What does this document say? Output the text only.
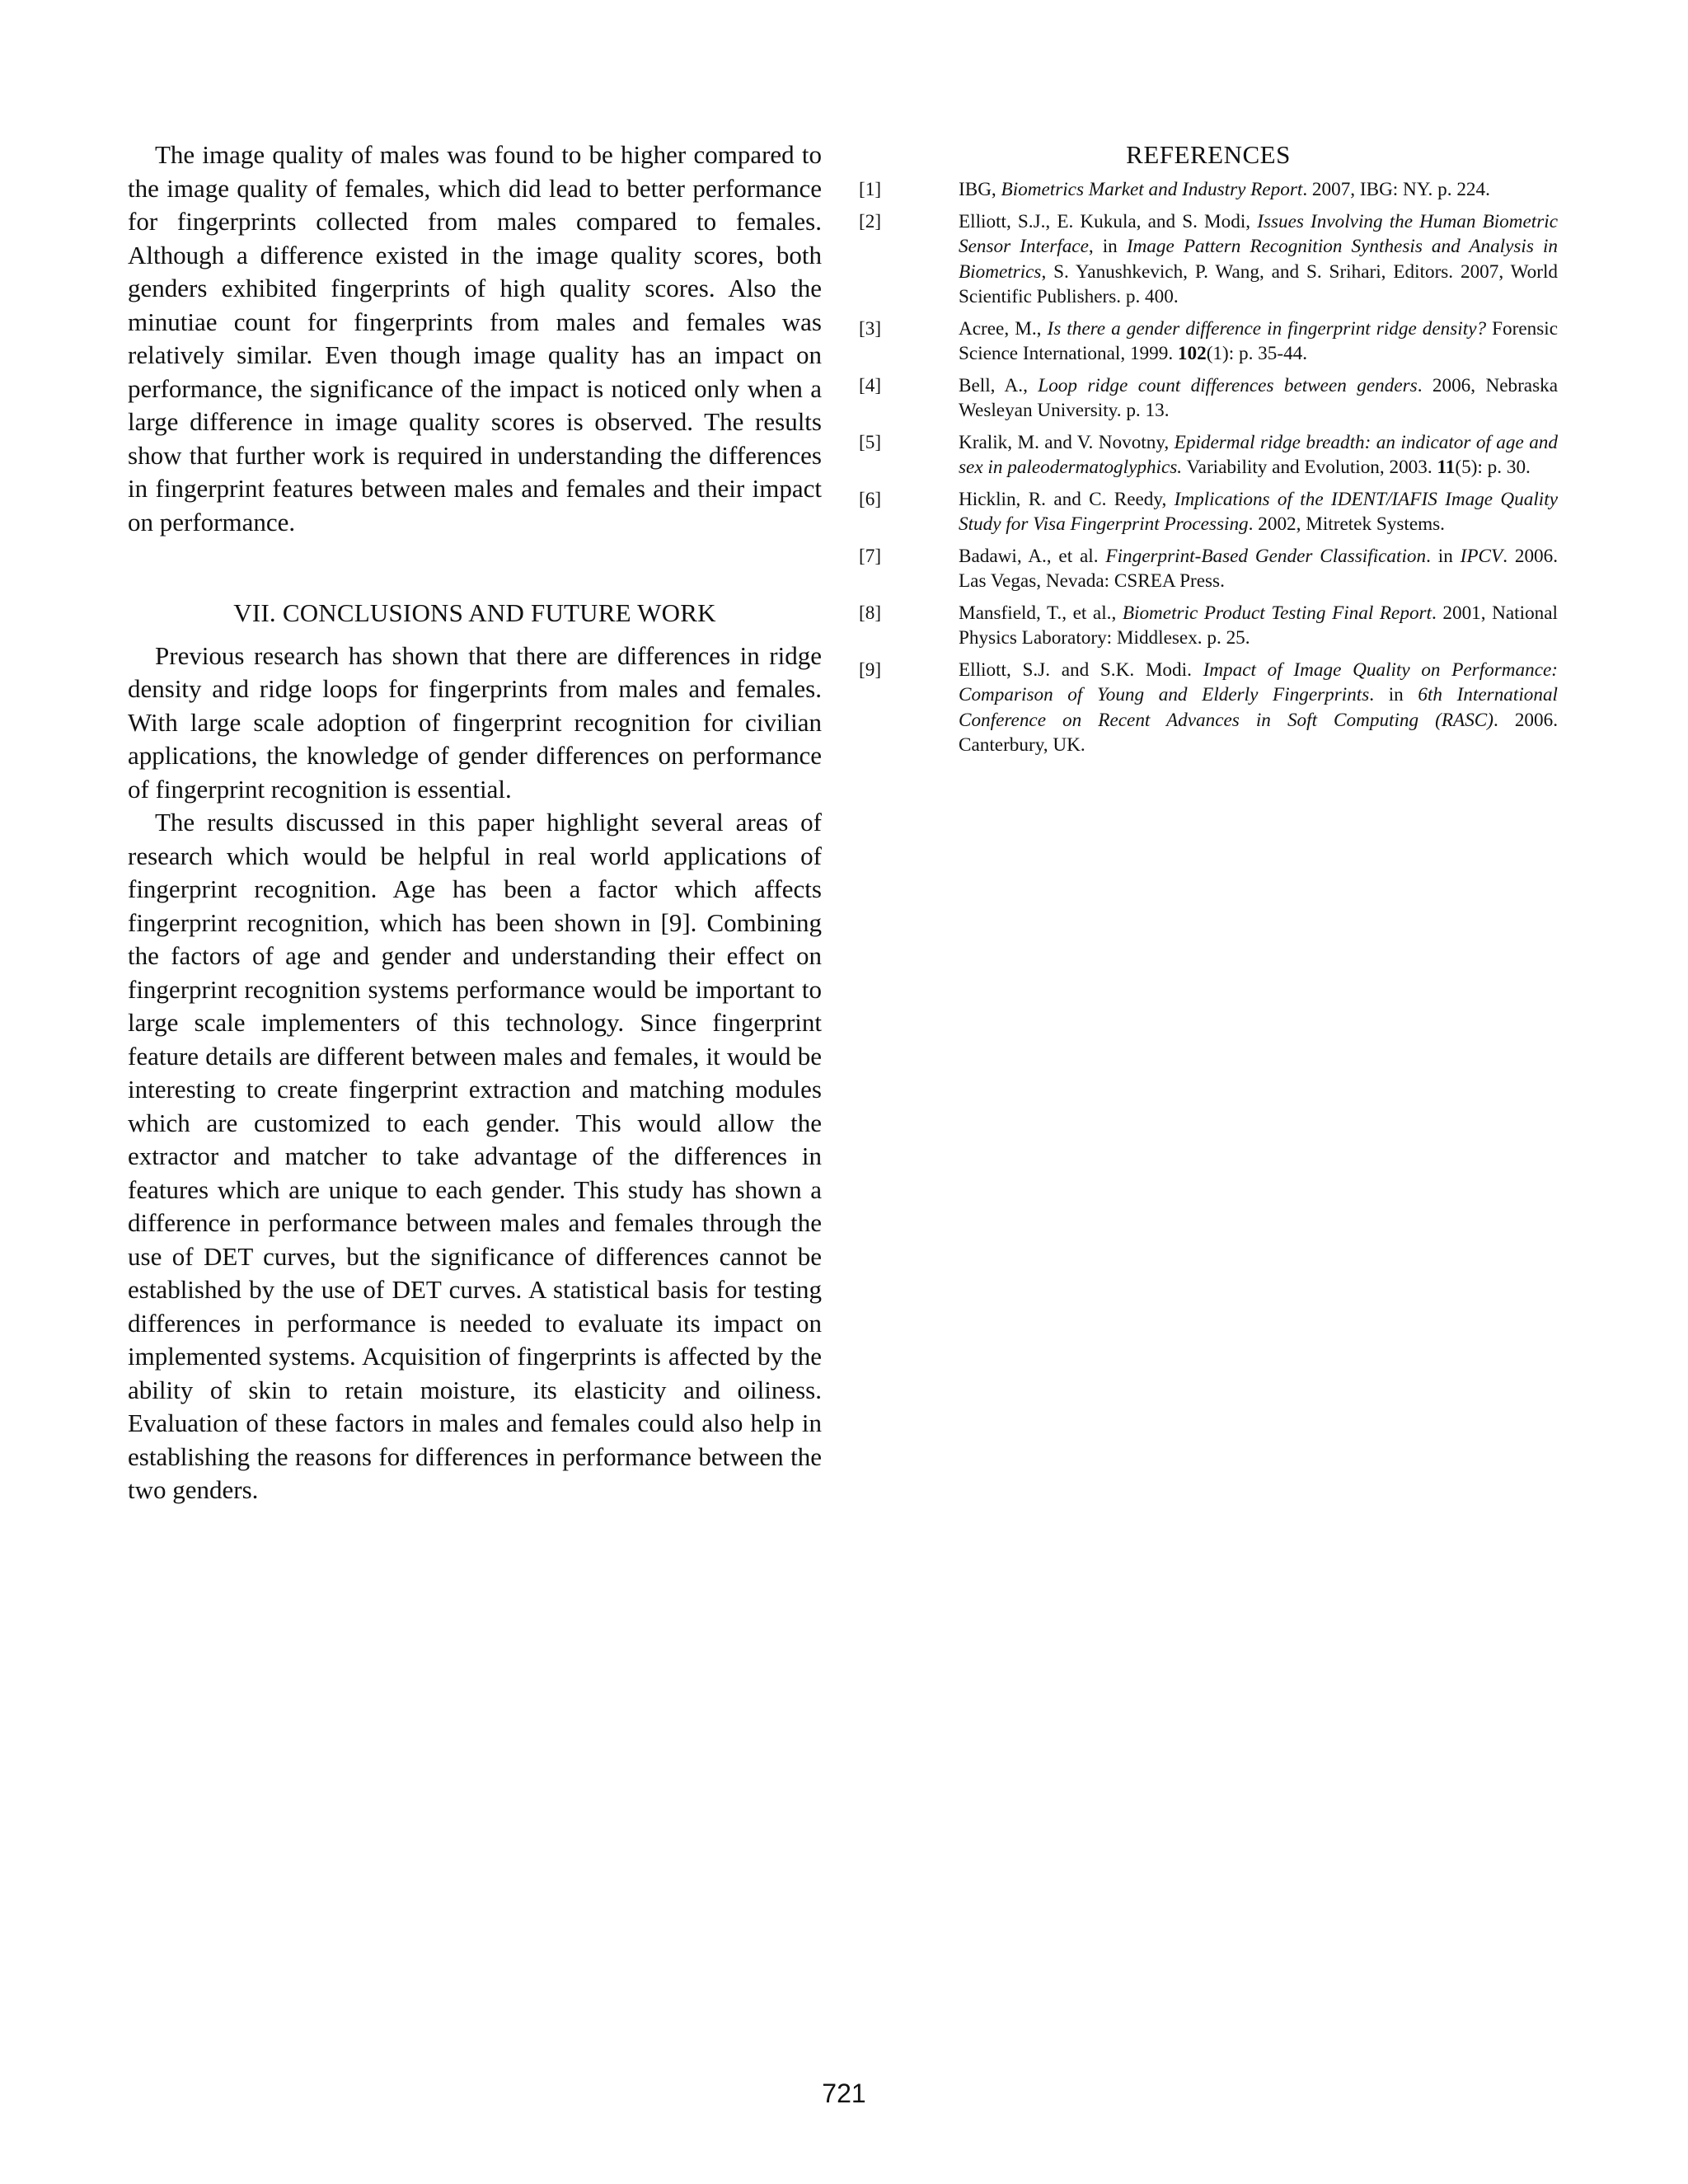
The image quality of males was found to be higher compared to the image quality of females, which did lead to better performance for fingerprints collected from males compared to females. Although a difference existed in the image quality scores, both genders exhibited fingerprints of high quality scores. Also the minutiae count for fingerprints from males and females was relatively similar. Even though image quality has an impact on performance, the significance of the impact is noticed only when a large difference in image quality scores is observed. The results show that further work is required in understanding the differences in fingerprint features between males and females and their impact on performance.

VII. CONCLUSIONS AND FUTURE WORK

Previous research has shown that there are differences in ridge density and ridge loops for fingerprints from males and females. With large scale adoption of fingerprint recognition for civilian applications, the knowledge of gender differences on performance of fingerprint recognition is essential.

The results discussed in this paper highlight several areas of research which would be helpful in real world applications of fingerprint recognition. Age has been a factor which affects fingerprint recognition, which has been shown in [9]. Combining the factors of age and gender and understanding their effect on fingerprint recognition systems performance would be important to large scale implementers of this technology. Since fingerprint feature details are different between males and females, it would be interesting to create fingerprint extraction and matching modules which are customized to each gender. This would allow the extractor and matcher to take advantage of the differences in features which are unique to each gender. This study has shown a difference in performance between males and females through the use of DET curves, but the significance of differences cannot be established by the use of DET curves. A statistical basis for testing differences in performance is needed to evaluate its impact on implemented systems. Acquisition of fingerprints is affected by the ability of skin to retain moisture, its elasticity and oiliness. Evaluation of these factors in males and females could also help in establishing the reasons for differences in performance between the two genders.

REFERENCES
[1]	IBG, Biometrics Market and Industry Report. 2007, IBG: NY. p. 224.
[2]	Elliott, S.J., E. Kukula, and S. Modi, Issues Involving the Human Biometric Sensor Interface, in Image Pattern Recognition Synthesis and Analysis in Biometrics, S. Yanushkevich, P. Wang, and S. Srihari, Editors. 2007, World Scientific Publishers. p. 400.
[3]	Acree, M., Is there a gender difference in fingerprint ridge density? Forensic Science International, 1999. 102(1): p. 35-44.
[4]	Bell, A., Loop ridge count differences between genders. 2006, Nebraska Wesleyan University. p. 13.
[5]	Kralik, M. and V. Novotny, Epidermal ridge breadth: an indicator of age and sex in paleodermatoglyphics. Variability and Evolution, 2003. 11(5): p. 30.
[6]	Hicklin, R. and C. Reedy, Implications of the IDENT/IAFIS Image Quality Study for Visa Fingerprint Processing. 2002, Mitretek Systems.
[7]	Badawi, A., et al. Fingerprint-Based Gender Classification. in IPCV. 2006. Las Vegas, Nevada: CSREA Press.
[8]	Mansfield, T., et al., Biometric Product Testing Final Report. 2001, National Physics Laboratory: Middlesex. p. 25.
[9]	Elliott, S.J. and S.K. Modi. Impact of Image Quality on Performance: Comparison of Young and Elderly Fingerprints. in 6th International Conference on Recent Advances in Soft Computing (RASC). 2006. Canterbury, UK.
721
